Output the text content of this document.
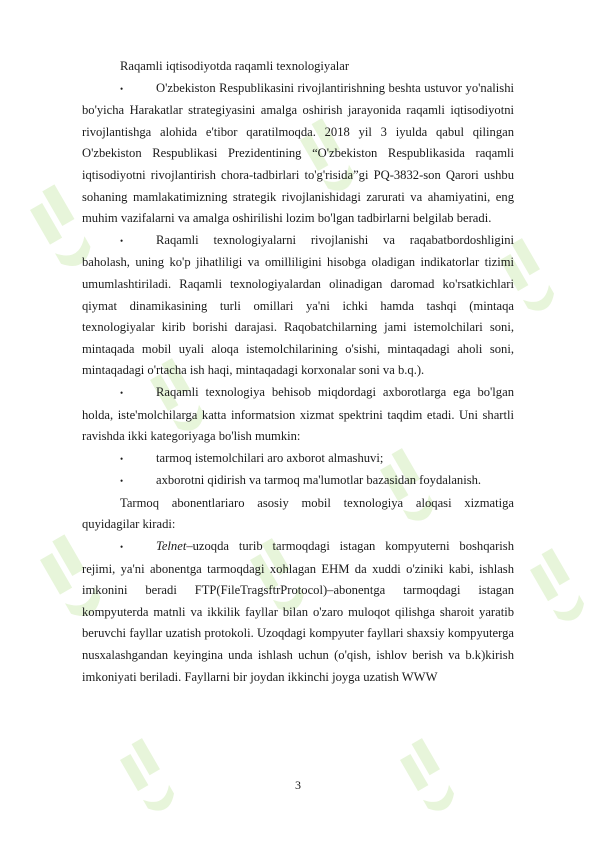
Raqamli iqtisodiyotda raqamli texnologiyalar

•O'zbekiston Respublikasini rivojlantirishning beshta ustuvor yo'nalishi bo'yicha Harakatlar strategiyasini amalga oshirish jarayonida raqamli iqtisodiyotni rivojlantishga alohida e'tibor qaratilmoqda. 2018 yil 3 iyulda qabul qilingan O'zbekiston Respublikasi Prezidentining “O'zbekiston Respublikasida raqamli iqtisodiyotni rivojlantirish chora-tadbirlari to'g'risida”gi PQ-3832-son Qarori ushbu sohaning mamlakatimizning strategik rivojlanishidagi zarurati va ahamiyatini, eng muhim vazifalarni va amalga oshirilishi lozim bo'lgan tadbirlarni belgilab beradi.

•Raqamli texnologiyalarni rivojlanishi va raqabatbordoshligini baholash, uning ko'p jihatliligi va omilliligini hisobga oladigan indikatorlar tizimi umumlashtiriladi. Raqamli texnologiyalardan olinadigan daromad ko'rsatkichlari qiymat dinamikasining turli omillari ya'ni ichki hamda tashqi (mintaqa texnologiyalar kirib borishi darajasi. Raqobatchilarning jami istemolchilari soni, mintaqada mobil uyali aloqa istemolchilarining o'sishi, mintaqadagi aholi soni, mintaqadagi o'rtacha ish haqi, mintaqadagi korxonalar soni va b.q.).

•Raqamli texnologiya behisob miqdordagi axborotlarga ega bo'lgan holda, iste'molchilarga katta informatsion xizmat spektrini taqdim etadi. Uni shartli ravishda ikki kategoriyaga bo'lish mumkin:

•tarmoq istemolchilari aro axborot almashuvi;

•axborotni qidirish va tarmoq ma'lumotlar bazasidan foydalanish.

Tarmoq abonentlariaro asosiy mobil texnologiya aloqasi xizmatiga quyidagilar kiradi:

•Telnet–uzoqda turib tarmoqdagi istagan kompyuterni boshqarish rejimi, ya'ni abonentga tarmoqdagi xohlagan EHM da xuddi o'ziniki kabi, ishlash imkonini beradi FTP(FileTragsftrProtocol)–abonentga tarmoqdagi istagan kompyuterda matnli va ikkilik fayllar bilan o'zaro muloqot qilishga sharoit yaratib beruvchi fayllar uzatish protokoli. Uzoqdagi kompyuter fayllari shaxsiy kompyuterga nusxalashgandan keyingina unda ishlash uchun (o'qish, ishlov berish va b.k)kirish imkoniyati beriladi. Fayllarni bir joydan ikkinchi joyga uzatish WWW

3
